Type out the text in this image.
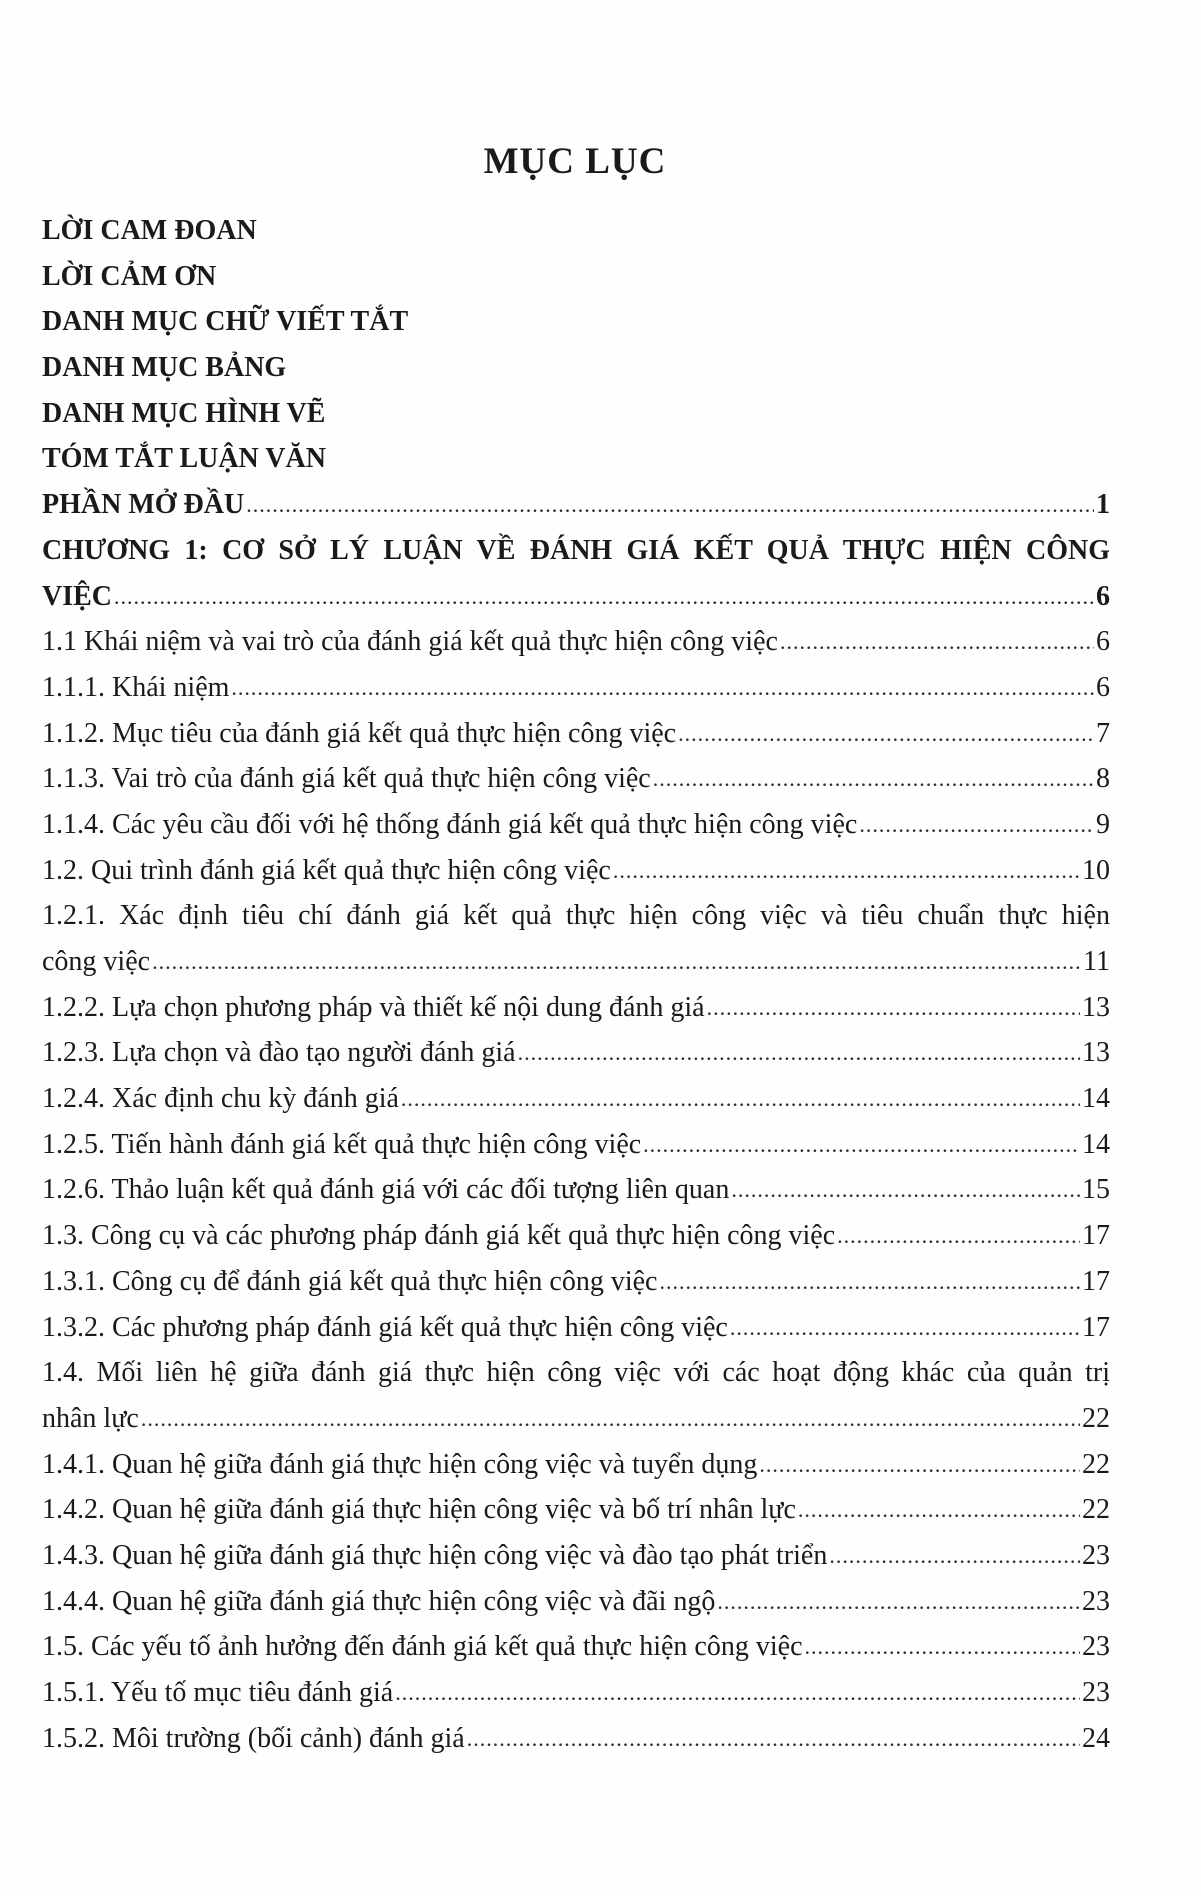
MỤC LỤC
LỜI CAM ĐOAN
LỜI CẢM ƠN
DANH MỤC CHỮ VIẾT TẮT
DANH MỤC BẢNG
DANH MỤC HÌNH VẼ
TÓM TẮT LUẬN VĂN
PHẦN MỞ ĐẦU .....	1
CHƯƠNG 1: CƠ SỞ LÝ LUẬN VỀ ĐÁNH GIÁ KẾT QUẢ THỰC HIỆN CÔNG
VIỆC .....	6
1.1 Khái niệm và vai trò của đánh giá kết quả thực hiện công việc .....	6
1.1.1. Khái niệm .....	6
1.1.2. Mục tiêu của đánh giá kết quả thực hiện công việc .....	7
1.1.3. Vai trò của đánh giá kết quả thực hiện công việc .....	8
1.1.4. Các yêu cầu đối với hệ thống đánh giá kết quả thực hiện công việc .....	9
1.2. Qui trình đánh giá kết quả thực hiện công việc .....	10
1.2.1. Xác định tiêu chí đánh giá kết quả thực hiện công việc và tiêu chuẩn thực hiện
công việc .....	11
1.2.2. Lựa chọn phương pháp và thiết kế nội dung đánh giá .....	13
1.2.3. Lựa chọn và đào tạo người đánh giá .....	13
1.2.4. Xác định chu kỳ đánh giá .....	14
1.2.5. Tiến hành đánh giá kết quả thực hiện công việc .....	14
1.2.6. Thảo luận kết quả đánh giá với các đối tượng liên quan .....	15
1.3. Công cụ và các phương pháp đánh giá kết quả thực hiện công việc .....	17
1.3.1. Công cụ để đánh giá kết quả thực hiện công việc .....	17
1.3.2. Các phương pháp đánh giá kết quả thực hiện công việc .....	17
1.4. Mối liên hệ giữa đánh giá thực hiện công việc với các hoạt động khác của quản trị
nhân lực .....	22
1.4.1. Quan hệ giữa đánh giá thực hiện công việc và tuyển dụng .....	22
1.4.2. Quan hệ giữa đánh giá thực hiện công việc và bố trí nhân lực .....	22
1.4.3. Quan hệ giữa đánh giá thực hiện công việc và đào tạo phát triển .....	23
1.4.4. Quan hệ giữa đánh giá thực hiện công việc và đãi ngộ .....	23
1.5. Các yếu tố ảnh hưởng đến đánh giá kết quả thực hiện công việc .....	23
1.5.1. Yếu tố mục tiêu đánh giá .....	23
1.5.2. Môi trường (bối cảnh) đánh giá .....	24
